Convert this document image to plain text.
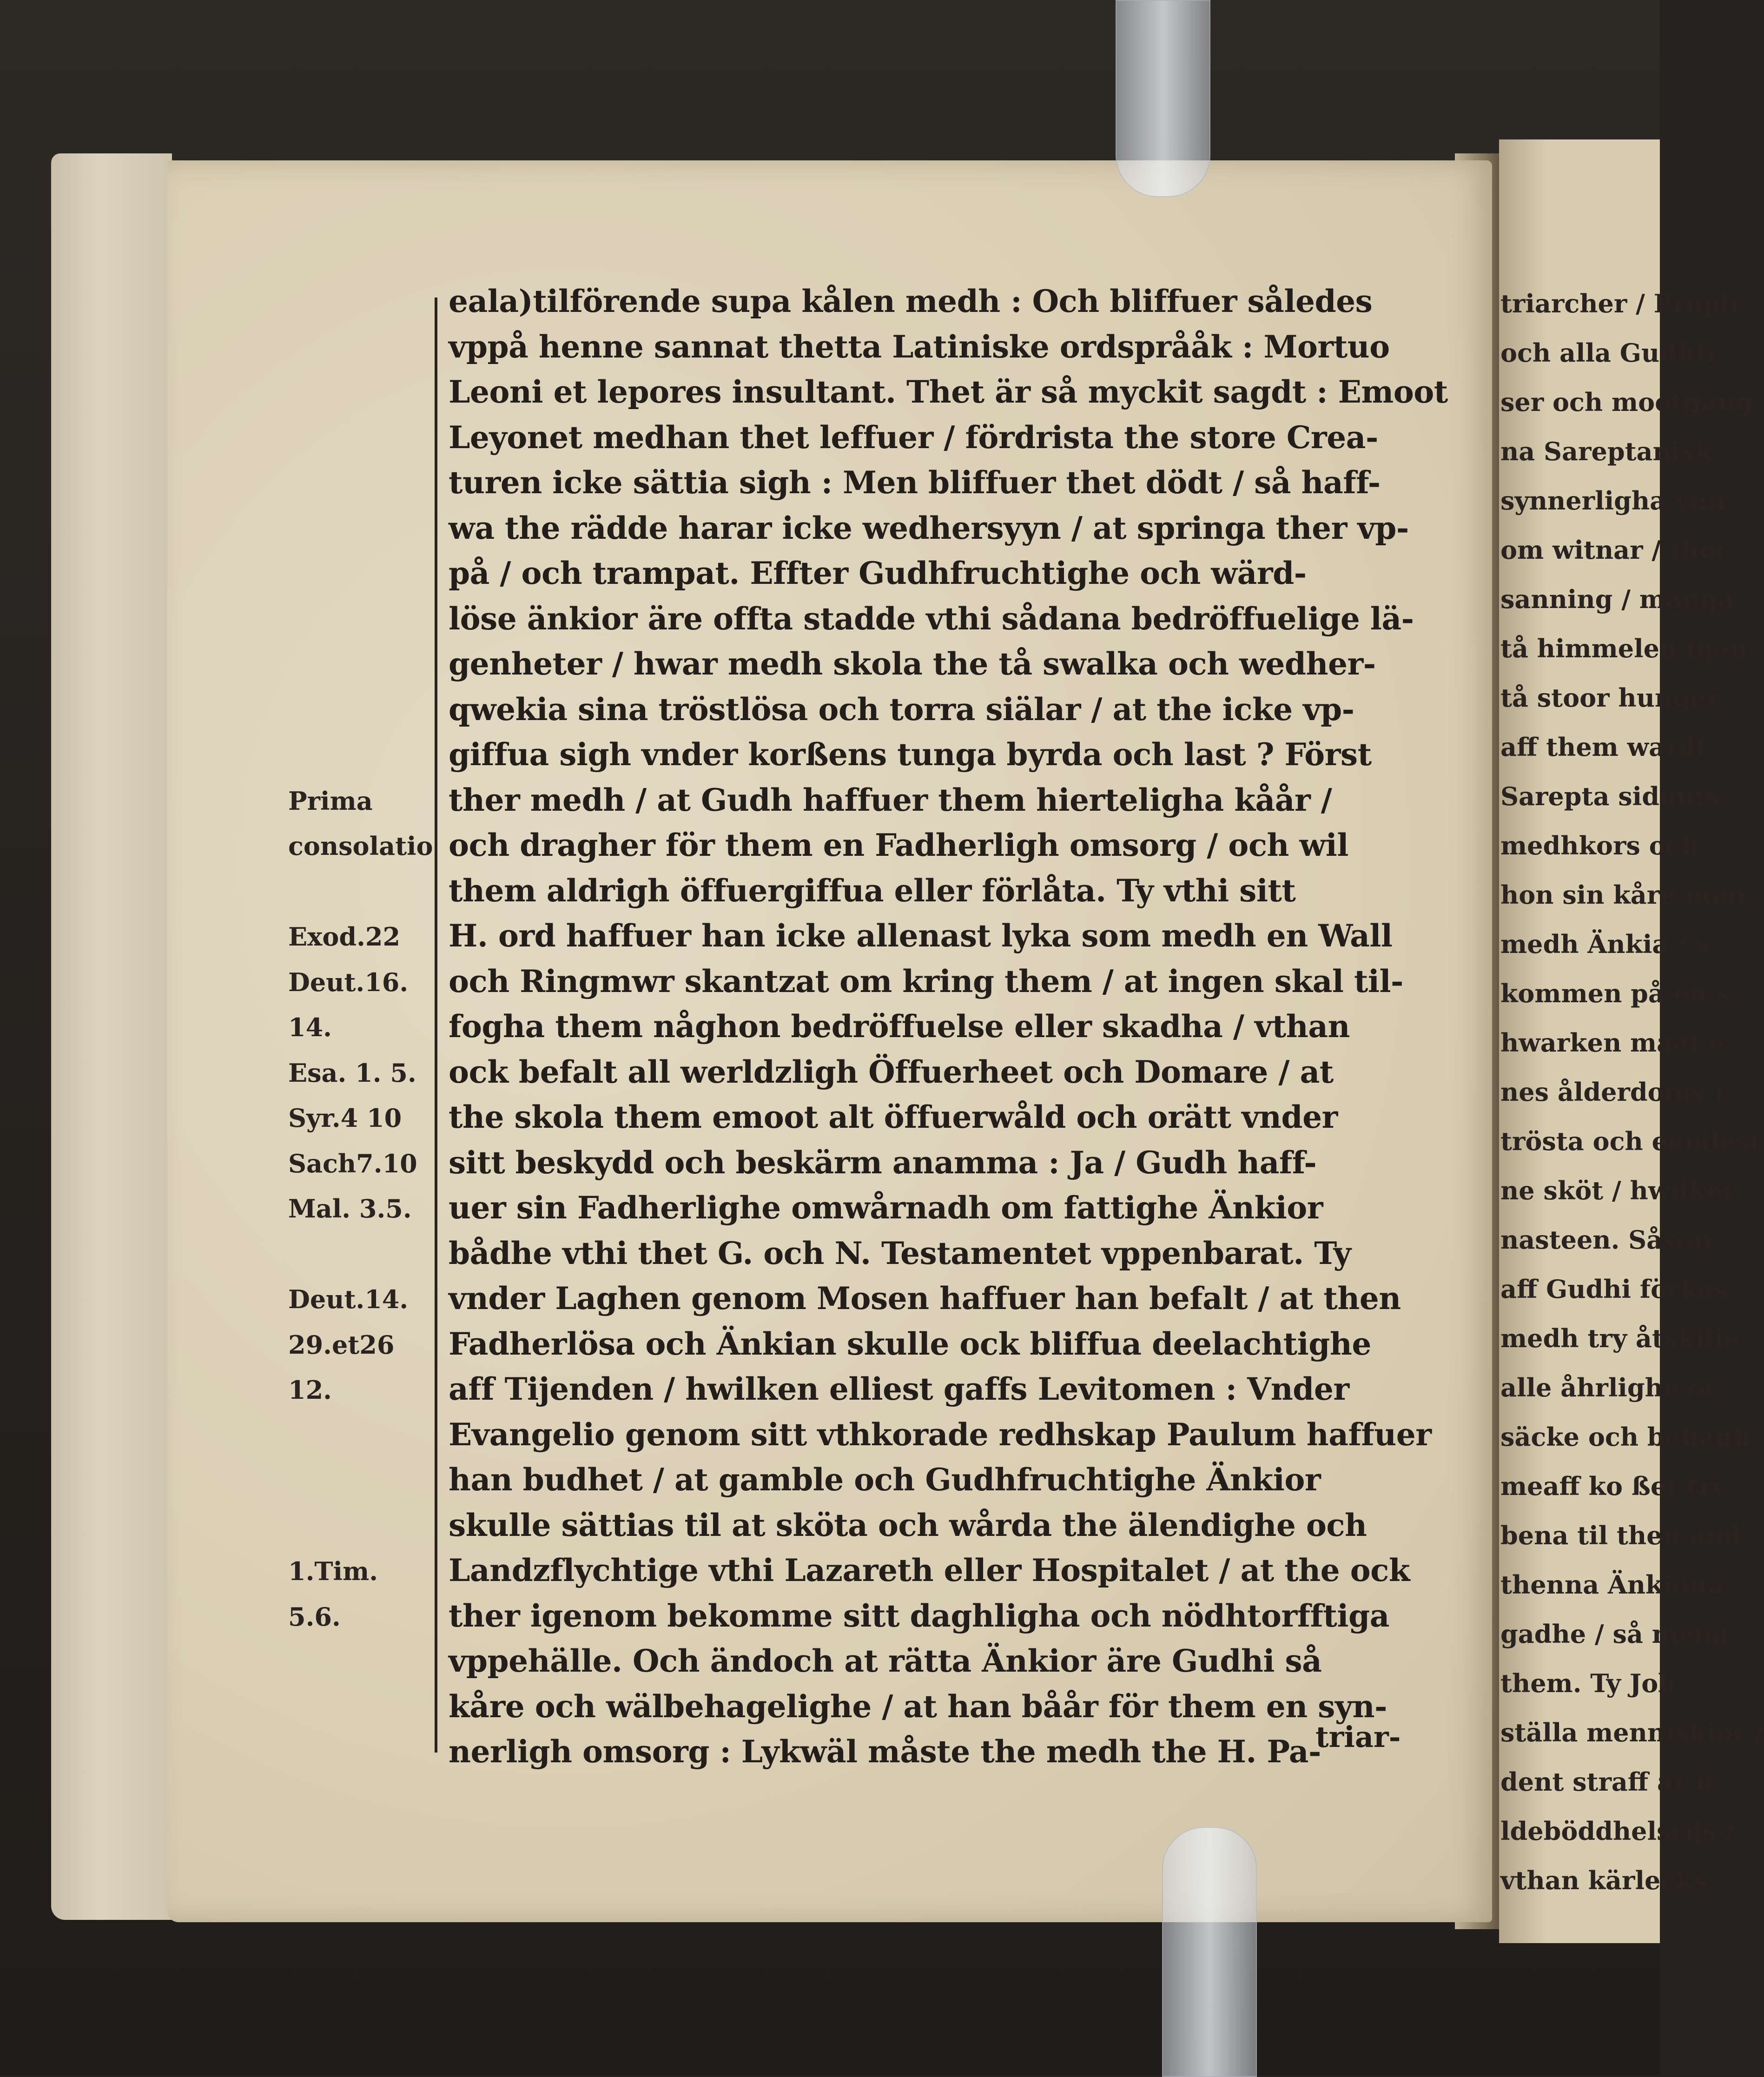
Prima
consolatio
Exod.22
Deut.16.
14.
Esa. 1. 5.
Syr.4 10
Sach7.10
Mal. 3.5.
Deut.14.
29.et26
12.
1.Tim.
5.6.
eala)tilförende supa kålen medh : Och bliffuer således
vppå henne sannat thetta Latiniske ordsprååk : Mortuo
Leoni et lepores insultant. Thet är så myckit sagdt : Emoot
Leyonet medhan thet leffuer / fördrista the store Crea-
turen icke sättia sigh : Men bliffuer thet dödt / så haff-
wa the rädde harar icke wedhersyyn / at springa ther vp-
på / och trampat. Effter Gudhfruchtighe och wärd-
löse änkior äre offta stadde vthi sådana bedröffuelige lä-
genheter / hwar medh skola the tå swalka och wedher-
qwekia sina tröstlösa och torra siälar / at the icke vp-
giffua sigh vnder korßens tunga byrda och last ? Först
ther medh / at Gudh haffuer them hierteligha kåår /
och dragher för them en Fadherligh omsorg / och wil
them aldrigh öffuergiffua eller förlåta. Ty vthi sitt
H. ord haffuer han icke allenast lyka som medh en Wall
och Ringmwr skantzat om kring them / at ingen skal til-
fogha them någhon bedröffuelse eller skadha / vthan
ock befalt all werldzligh Öffuerheet och Domare / at
the skola them emoot alt öffuerwåld och orätt vnder
sitt beskydd och beskärm anamma : Ja / Gudh haff-
uer sin Fadherlighe omwårnadh om fattighe Änkior
bådhe vthi thet G. och N. Testamentet vppenbarat. Ty
vnder Laghen genom Mosen haffuer han befalt / at then
Fadherlösa och Änkian skulle ock bliffua deelachtighe
aff Tijenden / hwilken elliest gaffs Levitomen : Vnder
Evangelio genom sitt vthkorade redhskap Paulum haffuer
han budhet / at gamble och Gudhfruchtighe Änkior
skulle sättias til at sköta och wårda the älendighe och
Landzflychtige vthi Lazareth eller Hospitalet / at the ock
ther igenom bekomme sitt daghligha och nödhtorfftiga
vppehälle. Och ändoch at rätta Änkior äre Gudhi så
kåre och wälbehagelighe / at han båår för them en syn-
nerligh omsorg : Lykwäl måste the medh the H. Pa-
triar-
triarcher / Proph
och alla Gudhfr
ser och mootgång
na Sareptanisk
synnerligha ynn
om witnar / thoc
sanning / många
tå himmelen igen
tå stoor hunger
aff them wardt
Sarepta sidonis.
medhkors och
hon sin kåre man
medh Änkia / s
kommen på en s
hwarken maat e
nes ålderdoms t
trösta och eendest
ne sköt / hwilker
nasteen. Såson
aff Gudhi förkas
medh try åtskilie
alle åhrlighe oc
säcke och behagh
meaff ko ßet try
bena til then and
thenna Änkiona
gadhe / så mena
them. Ty Job
ställa menniskior /
dent straff är ic
ldeböddhelsrijs /
vthan kärlecks
